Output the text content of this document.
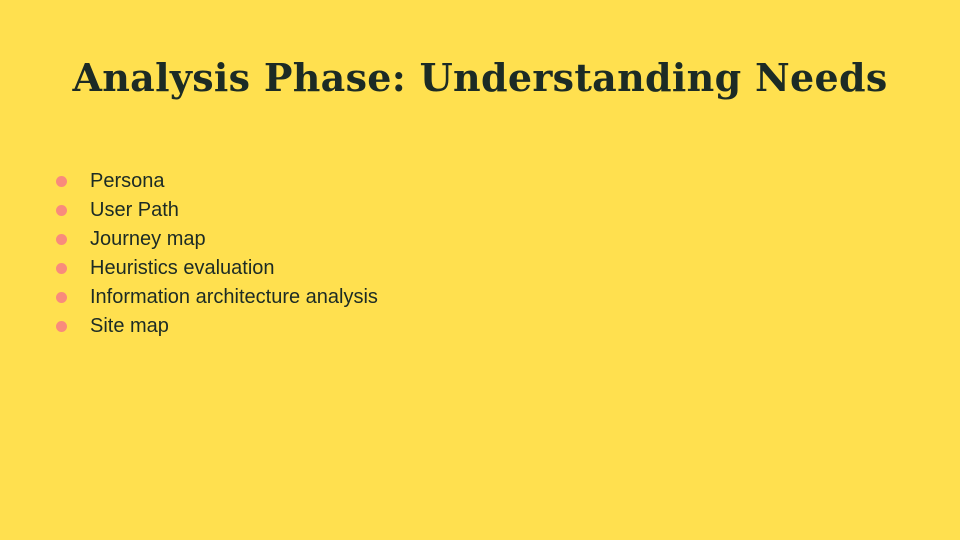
Analysis Phase: Understanding Needs
Persona
User Path
Journey map
Heuristics evaluation
Information architecture analysis
Site map
